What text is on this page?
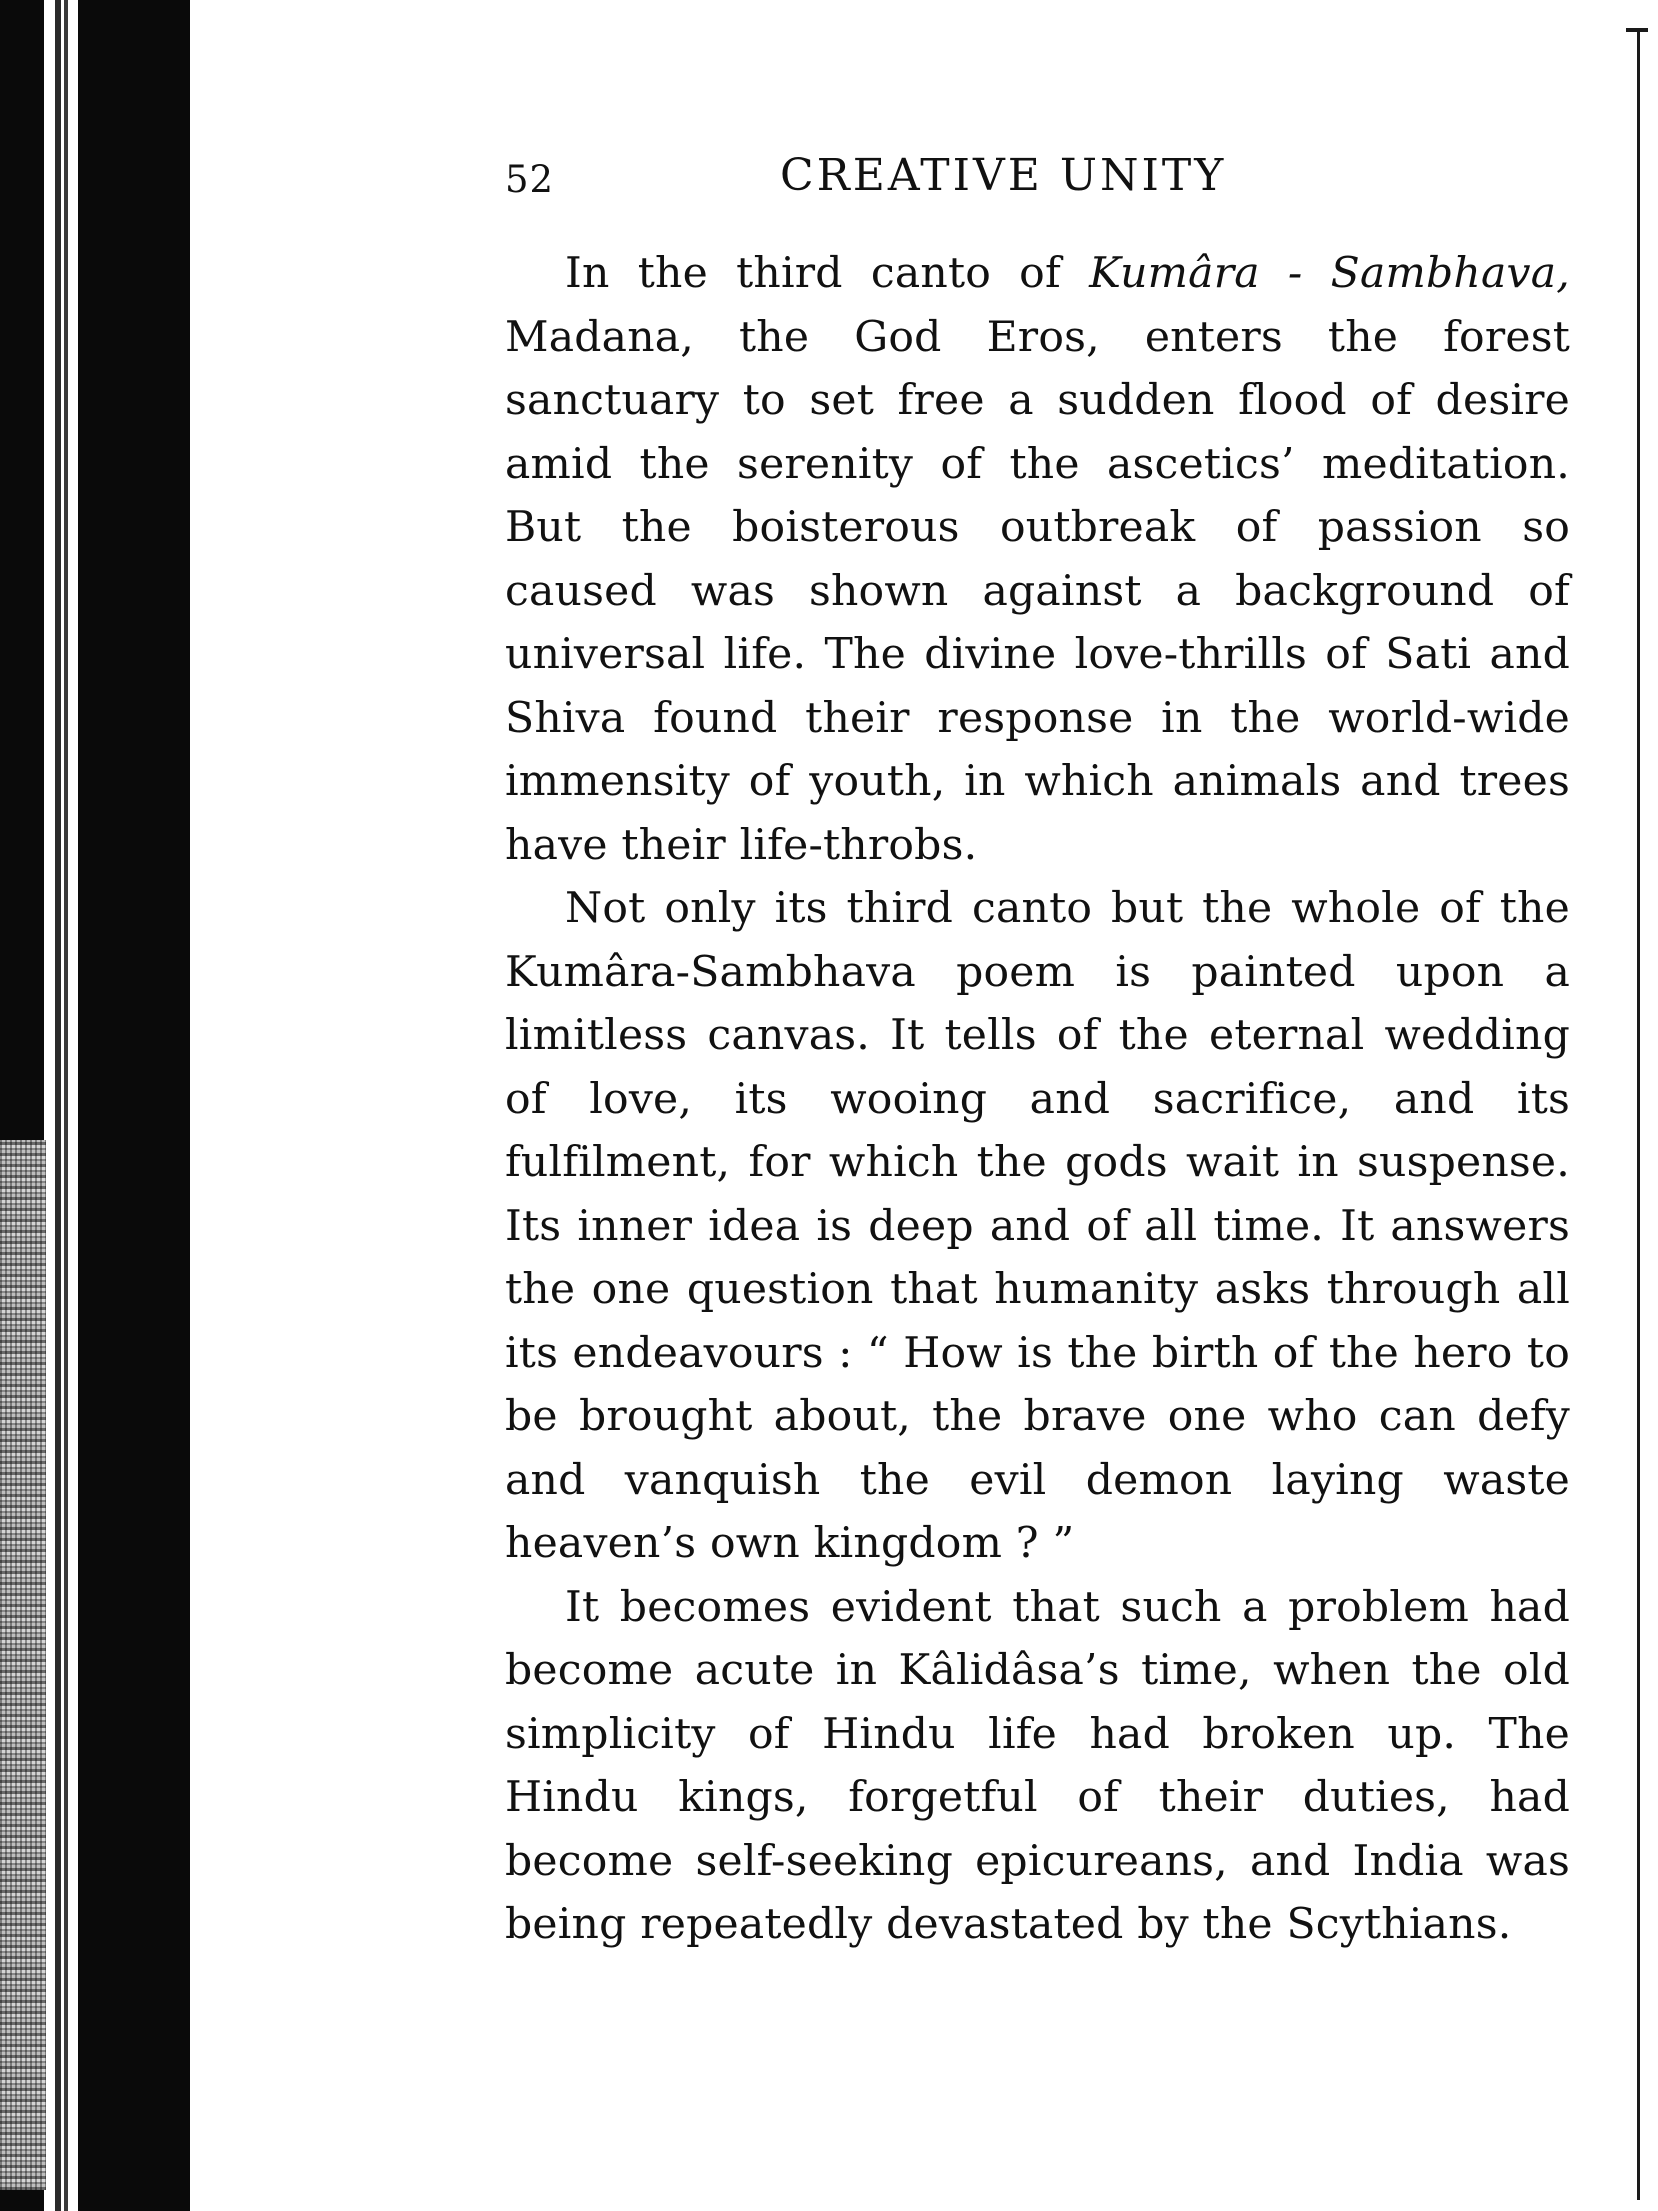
52	CREATIVE UNITY

In the third canto of Kumâra - Sambhava, Madana, the God Eros, enters the forest sanctuary to set free a sudden flood of desire amid the serenity of the ascetics’ meditation. But the boisterous outbreak of passion so caused was shown against a background of universal life. The divine love-thrills of Sati and Shiva found their response in the world-wide immensity of youth, in which animals and trees have their life-throbs.

Not only its third canto but the whole of the Kumâra-Sambhava poem is painted upon a limitless canvas. It tells of the eternal wedding of love, its wooing and sacrifice, and its fulfilment, for which the gods wait in suspense. Its inner idea is deep and of all time. It answers the one question that humanity asks through all its endeavours : “ How is the birth of the hero to be brought about, the brave one who can defy and vanquish the evil demon laying waste heaven’s own kingdom ? ”

It becomes evident that such a problem had become acute in Kâlidâsa’s time, when the old simplicity of Hindu life had broken up. The Hindu kings, forgetful of their duties, had become self-seeking epicureans, and India was being repeatedly devastated by the Scythians.
